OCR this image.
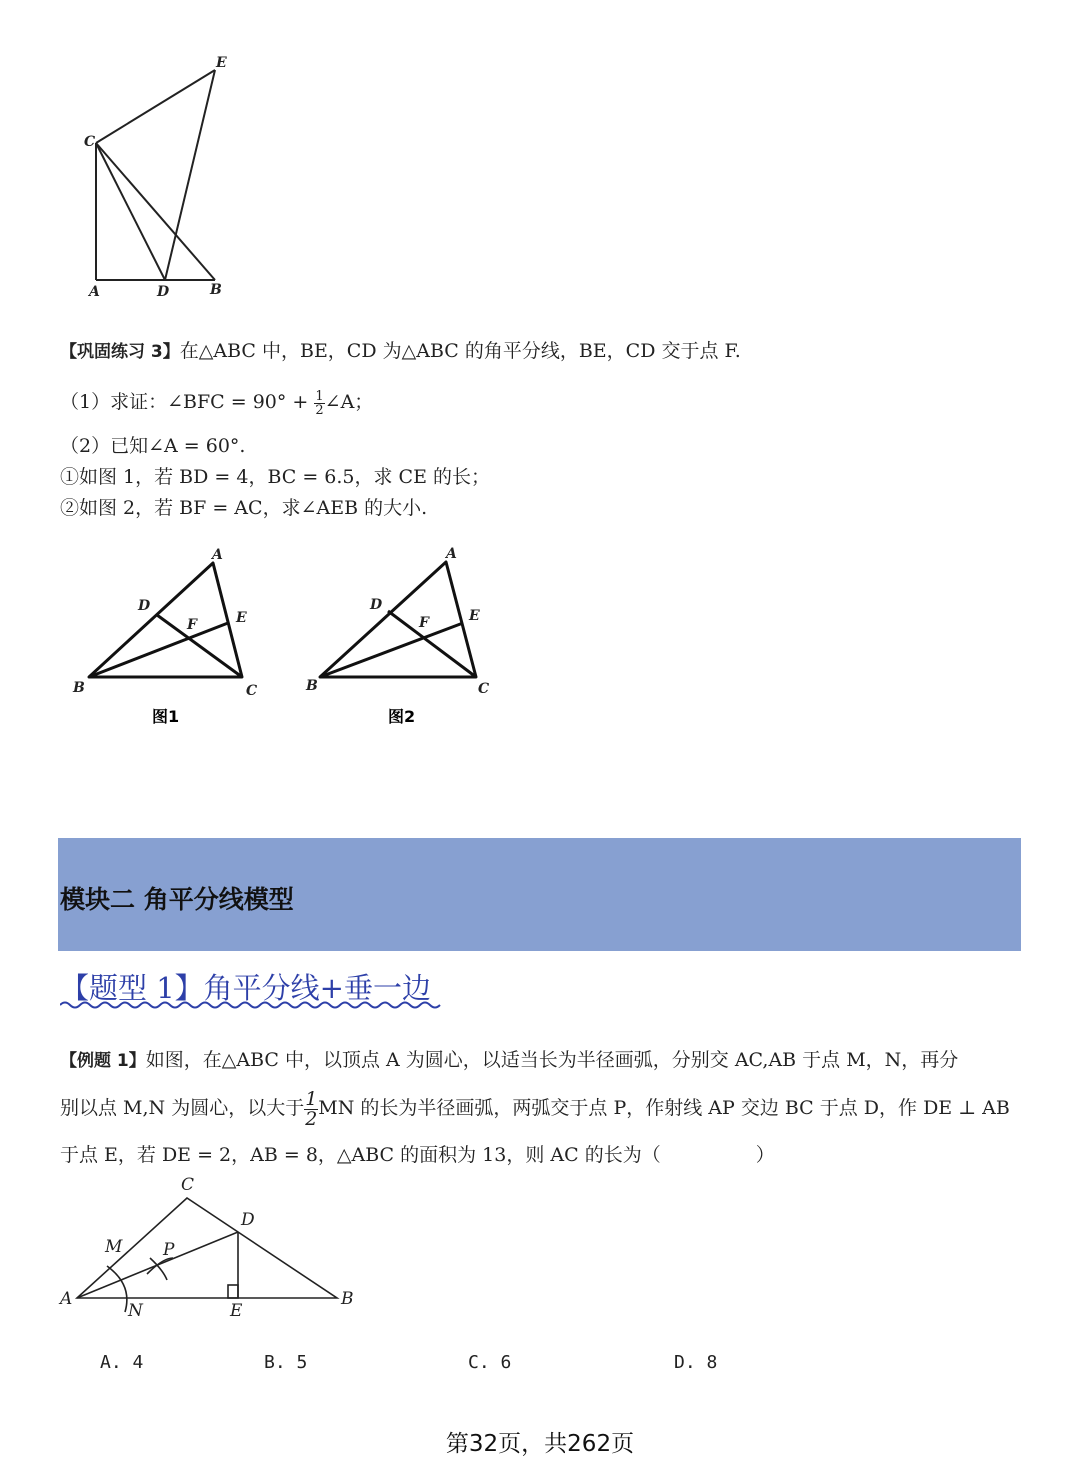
E
C
A	D	B
【巩固练习 3】在△ABC 中，BE，CD 为△ABC 的角平分线，BE，CD 交于点 F.
（1）求证：∠BFC = $90^\circ + \frac{1}{2}$ ∠A；
（2）已知∠A = 60°.
①如图 1，若 BD = 4，BC = 6.5，求 CE 的长；
②如图 2，若 BF = AC，求∠AEB 的大小.
A
D
F	E
B	C
图1
A
D
F	E
B	C
图2
模块二 角平分线模型
【题型 1】角平分线+垂一边
【例题 1】如图，在△ABC 中，以顶点 A 为圆心，以适当长为半径画弧，分别交 AC,AB 于点 M，N，再分
别以点 M,N 为圆心，以大于 $\frac{1}{2}$ MN 的长为半径画弧，两弧交于点 P，作射线 AP 交边 BC 于点 D，作 DE ⊥ AB
于点 E，若 DE = 2，AB = 8，△ABC 的面积为 13，则 AC 的长为（　　　　　）
C
D
M P
A
N	E
B
A. 4	B. 5	C. 6	D. 8
第32页，共262页
